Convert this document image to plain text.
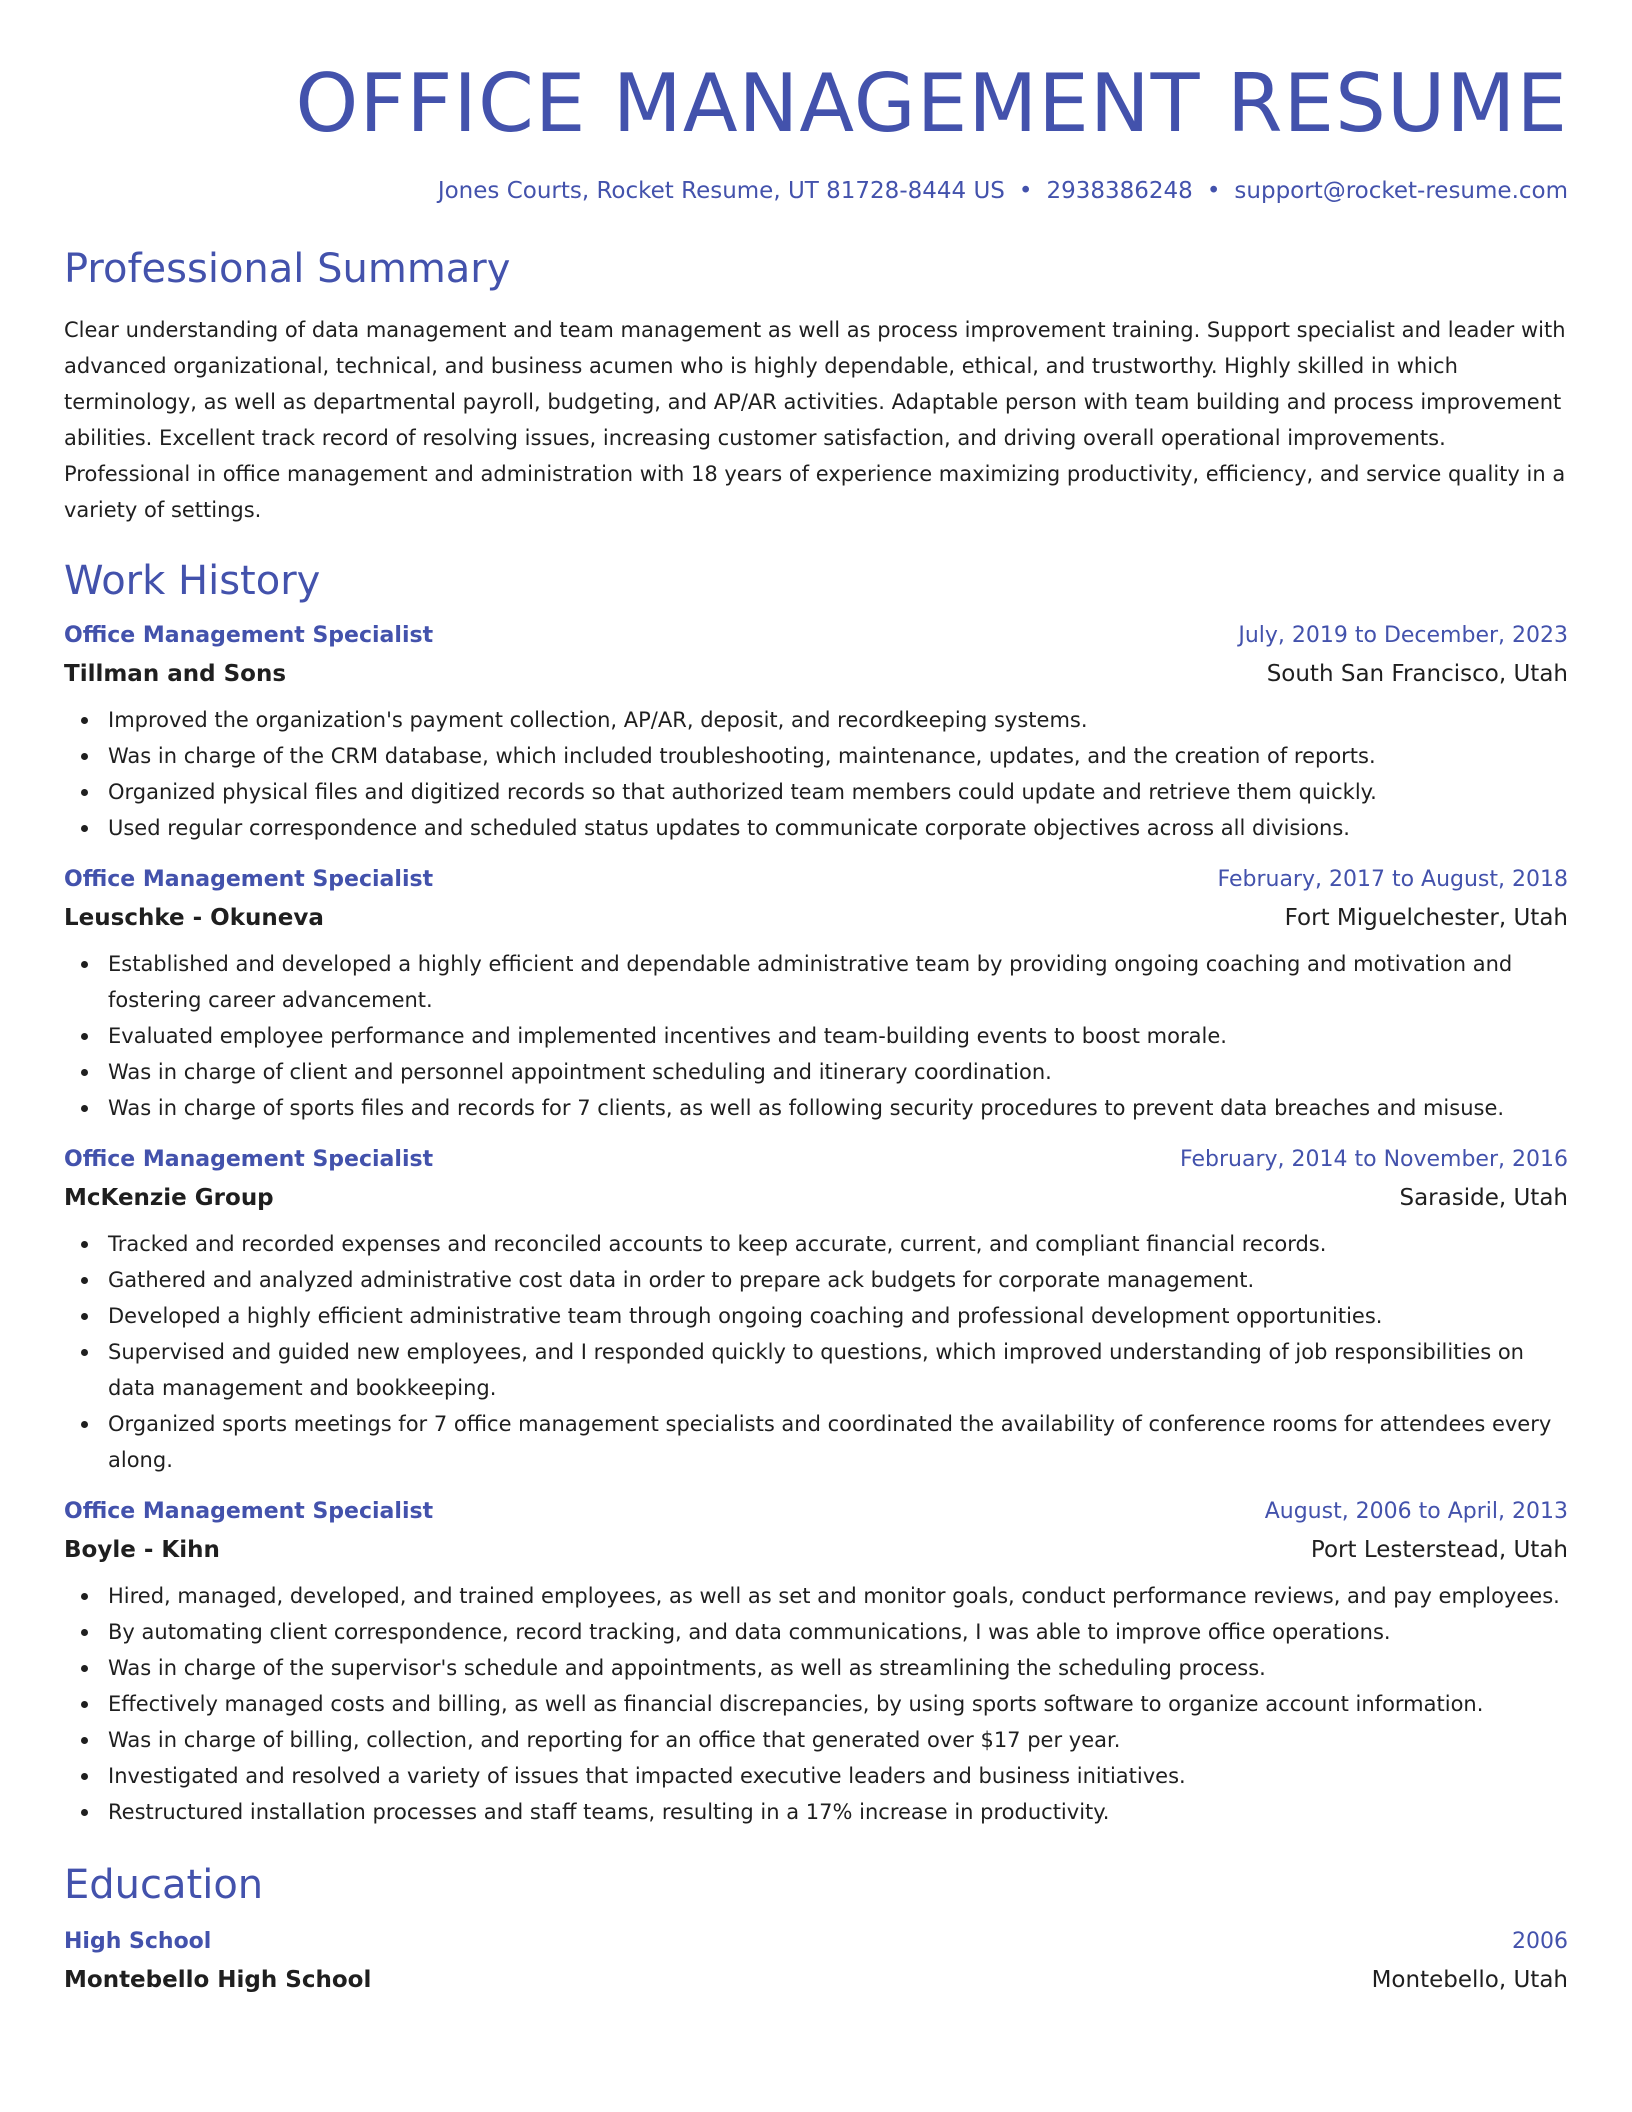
OFFICE MANAGEMENT RESUME
Jones Courts, Rocket Resume, UT 81728-8444 US • 2938386248 • support@rocket-resume.com
Professional Summary

Clear understanding of data management and team management as well as process improvement training. Support specialist and leader with advanced organizational, technical, and business acumen who is highly dependable, ethical, and trustworthy. Highly skilled in which terminology, as well as departmental payroll, budgeting, and AP/AR activities. Adaptable person with team building and process improvement abilities. Excellent track record of resolving issues, increasing customer satisfaction, and driving overall operational improvements. Professional in office management and administration with 18 years of experience maximizing productivity, efficiency, and service quality in a variety of settings.

Work History
Office Management Specialist	July, 2019 to December, 2023
Tillman and Sons	South San Francisco, Utah
Improved the organization's payment collection, AP/AR, deposit, and recordkeeping systems.
Was in charge of the CRM database, which included troubleshooting, maintenance, updates, and the creation of reports.
Organized physical files and digitized records so that authorized team members could update and retrieve them quickly.
Used regular correspondence and scheduled status updates to communicate corporate objectives across all divisions.
Office Management Specialist	February, 2017 to August, 2018
Leuschke - Okuneva	Fort Miguelchester, Utah
Established and developed a highly efficient and dependable administrative team by providing ongoing coaching and motivation and fostering career advancement.
Evaluated employee performance and implemented incentives and team-building events to boost morale.
Was in charge of client and personnel appointment scheduling and itinerary coordination.
Was in charge of sports files and records for 7 clients, as well as following security procedures to prevent data breaches and misuse.
Office Management Specialist	February, 2014 to November, 2016
McKenzie Group	Saraside, Utah
Tracked and recorded expenses and reconciled accounts to keep accurate, current, and compliant financial records.
Gathered and analyzed administrative cost data in order to prepare ack budgets for corporate management.
Developed a highly efficient administrative team through ongoing coaching and professional development opportunities.
Supervised and guided new employees, and I responded quickly to questions, which improved understanding of job responsibilities on data management and bookkeeping.
Organized sports meetings for 7 office management specialists and coordinated the availability of conference rooms for attendees every along.
Office Management Specialist	August, 2006 to April, 2013
Boyle - Kihn	Port Lesterstead, Utah
Hired, managed, developed, and trained employees, as well as set and monitor goals, conduct performance reviews, and pay employees.
By automating client correspondence, record tracking, and data communications, I was able to improve office operations.
Was in charge of the supervisor's schedule and appointments, as well as streamlining the scheduling process.
Effectively managed costs and billing, as well as financial discrepancies, by using sports software to organize account information.
Was in charge of billing, collection, and reporting for an office that generated over $17 per year.
Investigated and resolved a variety of issues that impacted executive leaders and business initiatives.
Restructured installation processes and staff teams, resulting in a 17% increase in productivity.
Education
High School	2006
Montebello High School	Montebello, Utah
